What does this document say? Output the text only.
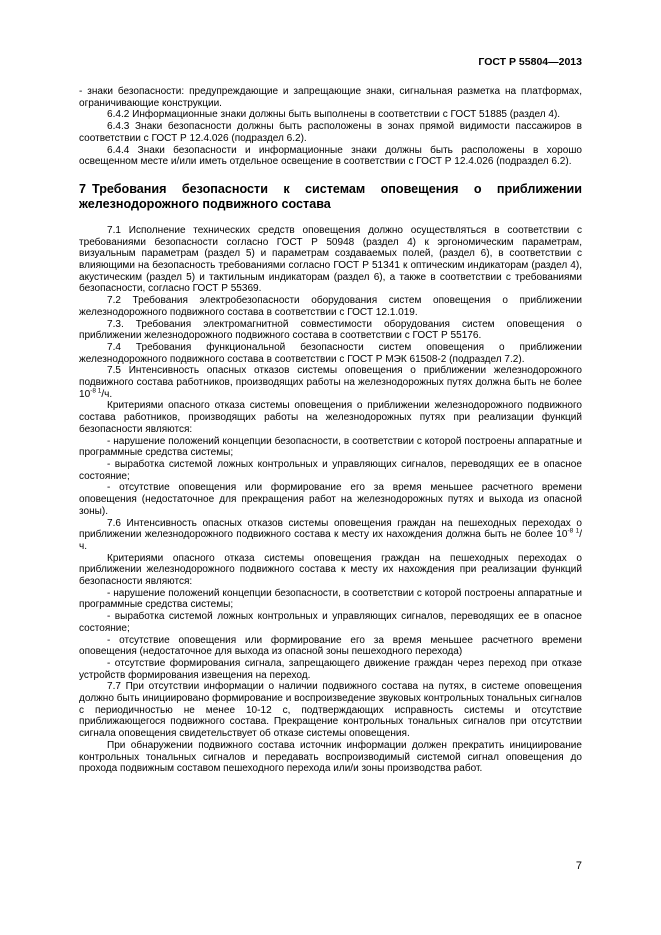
ГОСТ Р 55804—2013

- знаки безопасности: предупреждающие и запрещающие знаки, сигнальная разметка на платформах, ограничивающие конструкции.

6.4.2 Информационные знаки должны быть выполнены в соответствии с ГОСТ 51885 (раздел 4).

6.4.3 Знаки безопасности должны быть расположены в зонах прямой видимости пассажиров в соответствии с ГОСТ Р 12.4.026 (подраздел 6.2).

6.4.4 Знаки безопасности и информационные знаки должны быть расположены в хорошо освещенном месте и/или иметь отдельное освещение в соответствии с ГОСТ Р 12.4.026 (подраздел 6.2).

7 Требования безопасности к системам оповещения о приближении железнодорожного подвижного состава

7.1 Исполнение технических средств оповещения должно осуществляться в соответствии с требованиями безопасности согласно ГОСТ Р 50948 (раздел 4) к эргономическим параметрам, визуальным параметрам (раздел 5) и параметрам создаваемых полей, (раздел 6), в соответствии с влияющими на безопасность требованиями согласно ГОСТ Р 51341 к оптическим индикаторам (раздел 4), акустическим (раздел 5) и тактильным индикаторам (раздел 6), а также в соответствии с требованиями безопасности, согласно ГОСТ Р 55369.

7.2 Требования электробезопасности оборудования систем оповещения о приближении железнодорожного подвижного состава в соответствии с ГОСТ 12.1.019.

7.3. Требования электромагнитной совместимости оборудования систем оповещения о приближении железнодорожного подвижного состава в соответствии с ГОСТ Р 55176.

7.4 Требования функциональной безопасности систем оповещения о приближении железнодорожного подвижного состава в соответствии с ГОСТ Р МЭК 61508-2 (подраздел 7.2).

7.5 Интенсивность опасных отказов системы оповещения о приближении железнодорожного подвижного состава работников, производящих работы на железнодорожных путях должна быть не более $10^{-8 1}/ч$.

Критериями опасного отказа системы оповещения о приближении железнодорожного подвижного состава работников, производящих работы на железнодорожных путях при реализации функций безопасности являются:

- нарушение положений концепции безопасности, в соответствии с которой построены аппаратные и программные средства системы;

- выработка системой ложных контрольных и управляющих сигналов, переводящих ее в опасное состояние;

- отсутствие оповещения или формирование его за время меньшее расчетного времени оповещения (недостаточное для прекращения работ на железнодорожных путях и выхода из опасной зоны).

7.6 Интенсивность опасных отказов системы оповещения граждан на пешеходных переходах о приближении железнодорожного подвижного состава к месту их нахождения должна быть не более $10^{-8 1}/ч$.

Критериями опасного отказа системы оповещения граждан на пешеходных переходах о приближении железнодорожного подвижного состава к месту их нахождения при реализации функций безопасности являются:

- нарушение положений концепции безопасности, в соответствии с которой построены аппаратные и программные средства системы;

- выработка системой ложных контрольных и управляющих сигналов, переводящих ее в опасное состояние;

- отсутствие оповещения или формирование его за время меньшее расчетного времени оповещения (недостаточное для выхода из опасной зоны пешеходного перехода)

- отсутствие формирования сигнала, запрещающего движение граждан через переход при отказе устройств формирования извещения на переход.

7.7 При отсутствии информации о наличии подвижного состава на путях, в системе оповещения должно быть инициировано формирование и воспроизведение звуковых контрольных тональных сигналов с периодичностью не менее 10-12 с, подтверждающих исправность системы и отсутствие приближающегося подвижного состава. Прекращение контрольных тональных сигналов при отсутствии сигнала оповещения свидетельствует об отказе системы оповещения.

При обнаружении подвижного состава источник информации должен прекратить инициирование контрольных тональных сигналов и передавать воспроизводимый системой сигнал оповещения до прохода подвижным составом пешеходного перехода или/и зоны производства работ.

7
